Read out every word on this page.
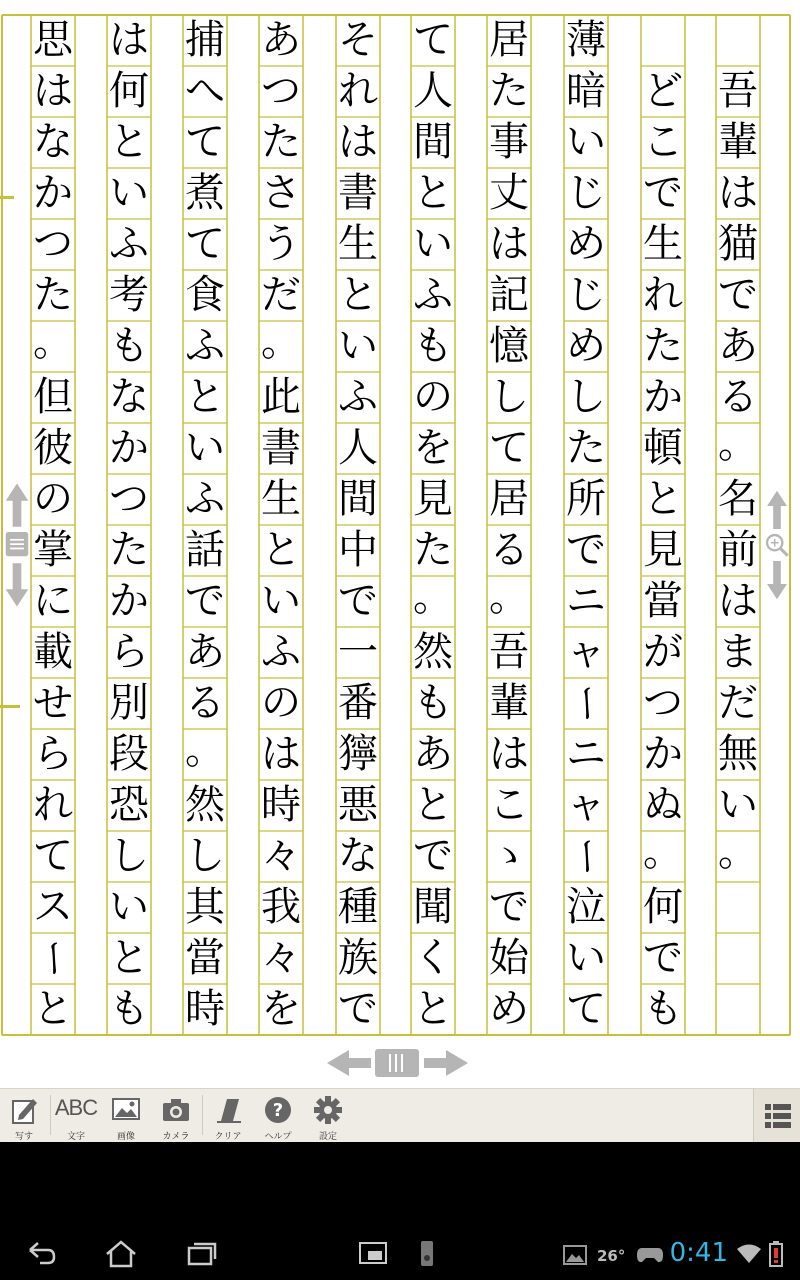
吾
輩
は
猫
で
あ
る
。
名
前
は
ま
だ
無
い
。
ど
こ
で
生
れ
た
か
頓
と
見
當
が
つ
か
ぬ
。
何
で
も
薄
暗
い
じ
め
じ
め
し
た
所
で
ニ
ャ
ー
ニ
ャ
ー
泣
い
て
居
た
事
丈
は
記
憶
し
て
居
る
。
吾
輩
は
こ
ゝ
で
始
め
て
人
間
と
い
ふ
も
の
を
見
た
。
然
も
あ
と
で
聞
く
と
そ
れ
は
書
生
と
い
ふ
人
間
中
で
一
番
獰
悪
な
種
族
で
あ
つ
た
さ
う
だ
。
此
書
生
と
い
ふ
の
は
時
々
我
々
を
捕
へ
て
煮
て
食
ふ
と
い
ふ
話
で
あ
る
。
然
し
其
當
時
は
何
と
い
ふ
考
も
な
か
つ
た
か
ら
別
段
恐
し
い
と
も
思
は
な
か
つ
た
。
但
彼
の
掌
に
載
せ
ら
れ
て
ス
ー
と
写す
ABC
文字	画像	カメラ	クリア
?
ヘルプ	設定
26° 0:41
